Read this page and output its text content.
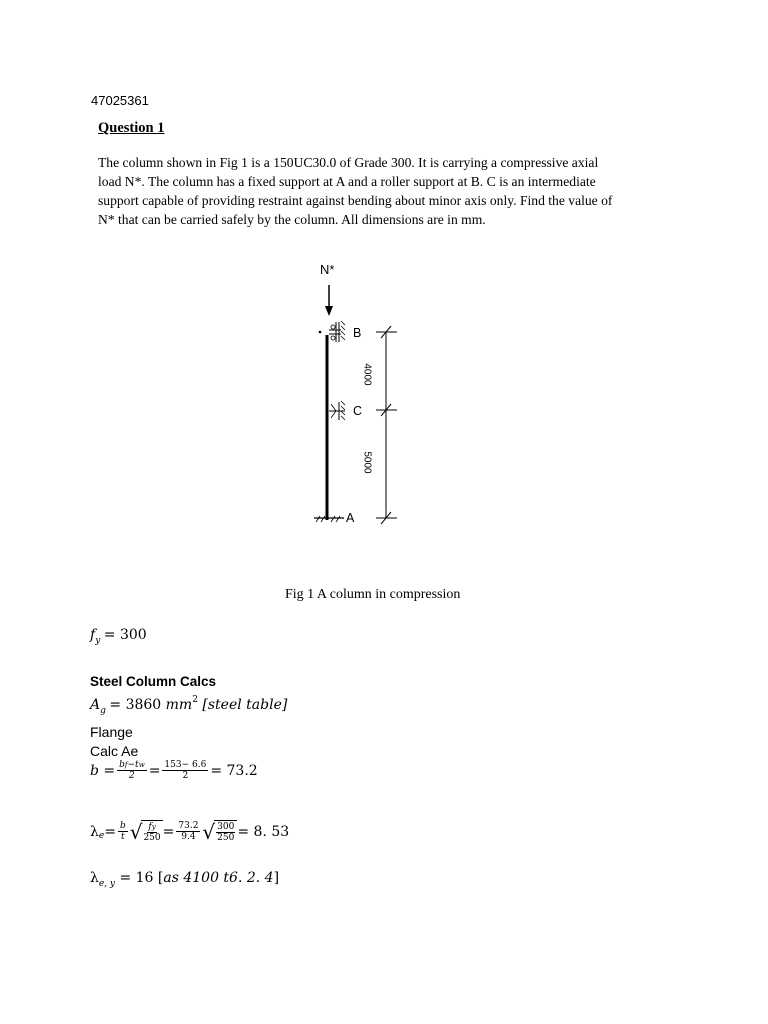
47025361
Question 1
The column shown in Fig 1 is a 150UC30.0 of Grade 300. It is carrying a compressive axial
load N*. The column has a fixed support at A and a roller support at B. C is an intermediate
support capable of providing restraint against bending about minor axis only. Find the value of
N* that can be carried safely by the column. All dimensions are in mm.
N*
B
C
A
4000
5000
Fig 1 A column in compression
$f_y = 300$
Steel Column Calcs
$A_g = 3860$ $mm^2$ [steel table]
Flange
Calc Ae
$b = \frac{bf-tw}{2} = \frac{153- 6.6}{2} = 73.2$
λ $e = \frac{b}{t}$ √ fy
$250 = \frac{73.2}{9.4}$ √ $\frac{300}{250} = 8$. 53
$\lambda_{e, y} = 16$ [as 4100 t6. 2. 4]
